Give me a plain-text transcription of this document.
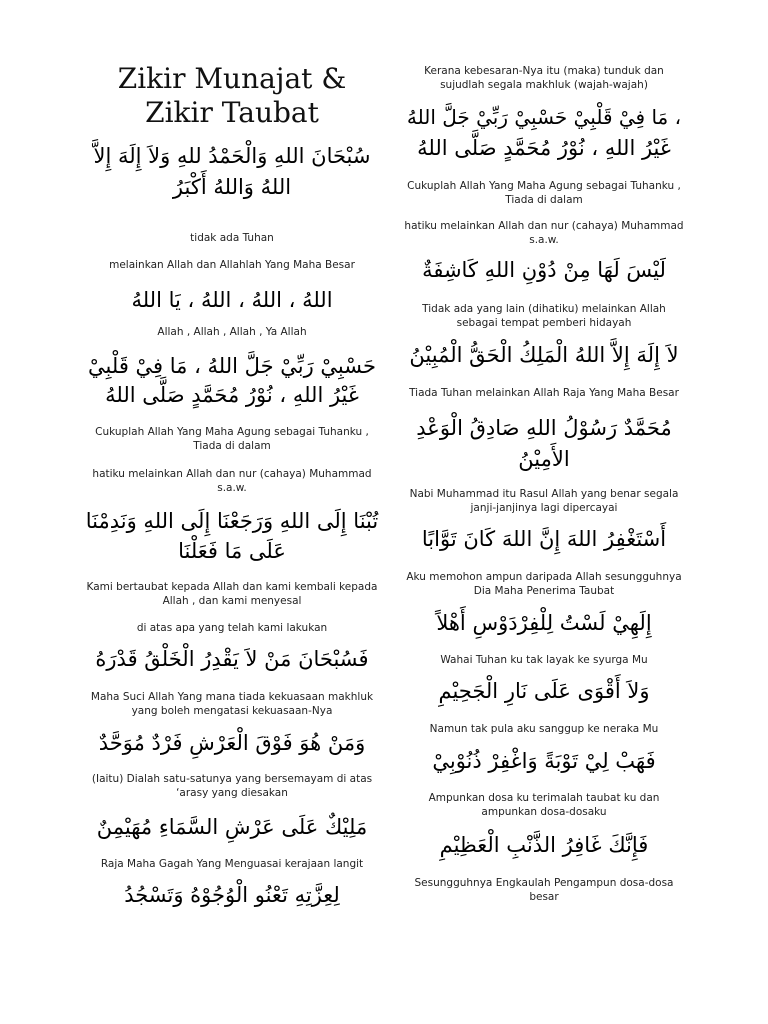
Zikir Munajat & Zikir Taubat
سُبْحَانَ اللهِ وَالْحَمْدُ للهِ وَلاَ إِلَهَ إِلاَّ
اللهُ وَاللهُ أَكْبَرُ
tidak ada Tuhan
melainkan Allah dan Allahlah Yang Maha Besar
اللهُ ، اللهُ ، اللهُ ، يَا اللهُ
Allah , Allah , Allah , Ya Allah
حَسْبِيْ رَبِّيْ جَلَّ اللهُ ، مَا فِيْ قَلْبِيْ
غَيْرُ اللهِ ، نُوْرُ مُحَمَّدٍ صَلَّى اللهُ
Cukuplah Allah Yang Maha Agung sebagai Tuhanku , Tiada di dalam
hatiku melainkan Allah dan nur (cahaya) Muhammad s.a.w.
تُبْنَا إِلَى اللهِ وَرَجَعْنَا إِلَى اللهِ وَنَدِمْنَا
عَلَى مَا فَعَلْنَا
Kami bertaubat kepada Allah dan kami kembali kepada Allah , dan kami menyesal
di atas apa yang telah kami lakukan
فَسُبْحَانَ مَنْ لاَ يَقْدِرُ الْخَلْقُ قَدْرَهُ
Maha Suci Allah Yang mana tiada kekuasaan makhluk yang boleh mengatasi kekuasaan-Nya
وَمَنْ هُوَ فَوْقَ الْعَرْشِ فَرْدٌ مُوَحَّدٌ
(Iaitu) Dialah satu-satunya yang bersemayam di atas ‘arasy yang diesakan
مَلِيْكٌ عَلَى عَرْشِ السَّمَاءِ مُهَيْمِنٌ
Raja Maha Gagah Yang Menguasai kerajaan langit
لِعِزَّتِهِ تَعْنُو الْوُجُوْهُ وَتَسْجُدُ
Kerana kebesaran-Nya itu (maka) tunduk dan sujudlah segala makhluk (wajah-wajah)
، مَا فِيْ قَلْبِيْ حَسْبِيْ رَبِّيْ جَلَّ اللهُ
غَيْرُ اللهِ ، نُوْرُ مُحَمَّدٍ صَلَّى اللهُ
Cukuplah Allah Yang Maha Agung sebagai Tuhanku , Tiada di dalam
hatiku melainkan Allah dan nur (cahaya) Muhammad s.a.w.
لَيْسَ لَهَا مِنْ دُوْنِ اللهِ كَاشِفَةٌ
Tidak ada yang lain (dihatiku) melainkan Allah sebagai tempat pemberi hidayah
لاَ إِلَهَ إِلاَّ اللهُ الْمَلِكُ الْحَقُّ الْمُبِيْنُ
Tiada Tuhan melainkan Allah Raja Yang Maha Besar
مُحَمَّدٌ رَسُوْلُ اللهِ صَادِقُ الْوَعْدِ
الأَمِيْنُ
Nabi Muhammad itu Rasul Allah yang benar segala janji-janjinya lagi dipercayai
أَسْتَغْفِرُ اللهَ إِنَّ اللهَ كَانَ تَوَّابًا
Aku memohon ampun daripada Allah sesungguhnya Dia Maha Penerima Taubat
إِلَهِيْ لَسْتُ لِلْفِرْدَوْسِ أَهْلاً
Wahai Tuhan ku tak layak ke syurga Mu
وَلاَ أَقْوَى عَلَى نَارِ الْجَحِيْمِ
Namun tak pula aku sanggup ke neraka Mu
فَهَبْ لِيْ تَوْبَةً وَاغْفِرْ ذُنُوْبِيْ
Ampunkan dosa ku terimalah taubat ku dan ampunkan dosa-dosaku
فَإِنَّكَ غَافِرُ الذَّنْبِ الْعَظِيْمِ
Sesungguhnya Engkaulah Pengampun dosa-dosa besar
